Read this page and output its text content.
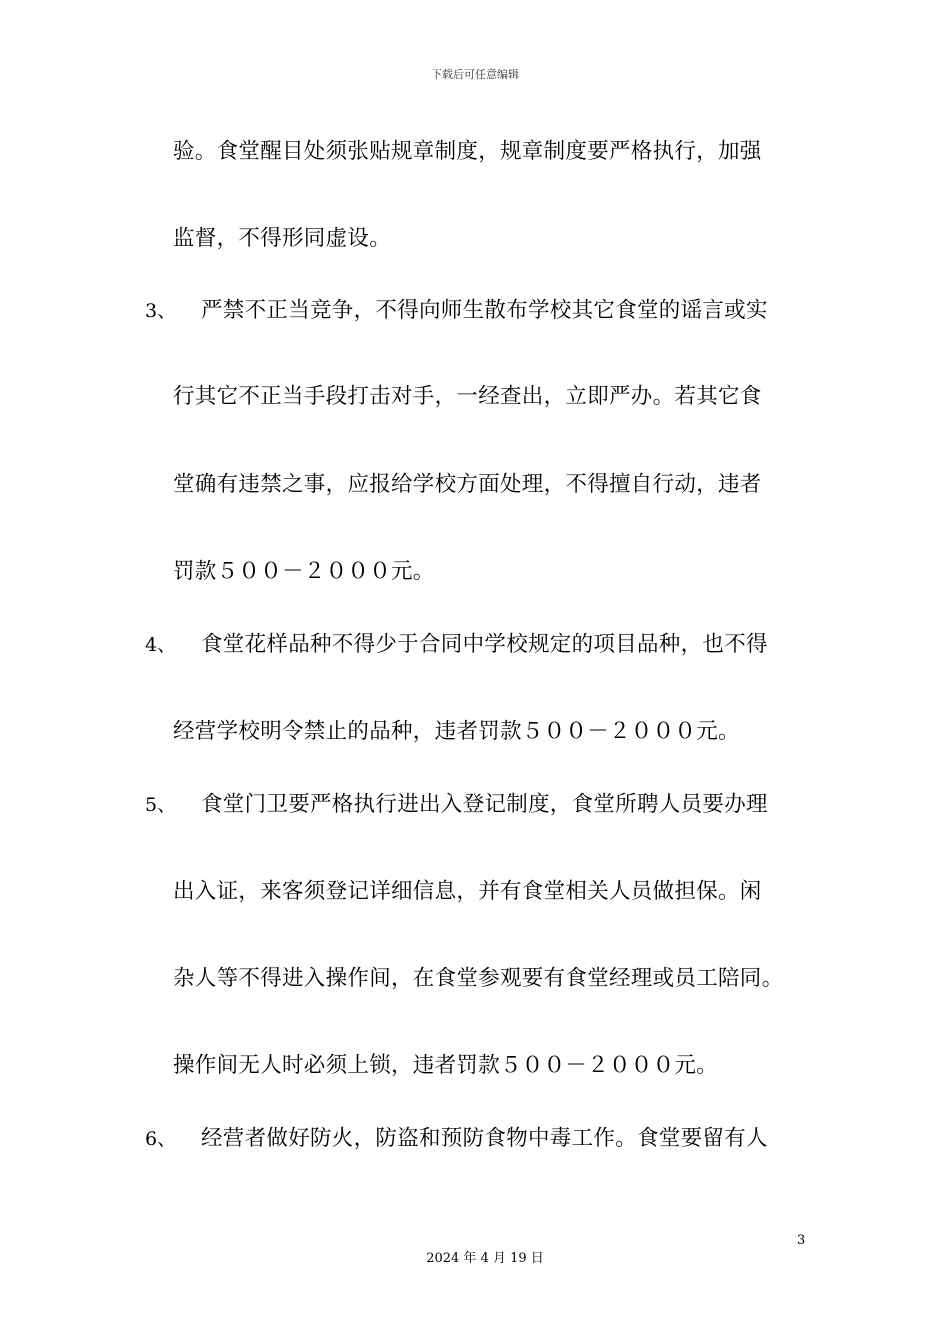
下载后可任意编辑
验。食堂醒目处须张贴规章制度，规章制度要严格执行，加强
监督，不得形同虚设。
3、 严禁不正当竞争，不得向师生散布学校其它食堂的谣言或实
行其它不正当手段打击对手，一经查出，立即严办。若其它食
堂确有违禁之事，应报给学校方面处理，不得擅自行动，违者
罚款５００－２０００元。
4、 食堂花样品种不得少于合同中学校规定的项目品种，也不得
经营学校明令禁止的品种，违者罚款５００－２０００元。
5、 食堂门卫要严格执行进出入登记制度，食堂所聘人员要办理
出入证，来客须登记详细信息，并有食堂相关人员做担保。闲
杂人等不得进入操作间，在食堂参观要有食堂经理或员工陪同。
操作间无人时必须上锁，违者罚款５００－２０００元。
6、 经营者做好防火，防盗和预防食物中毒工作。食堂要留有人
3
2024 年 4 月 19 日
